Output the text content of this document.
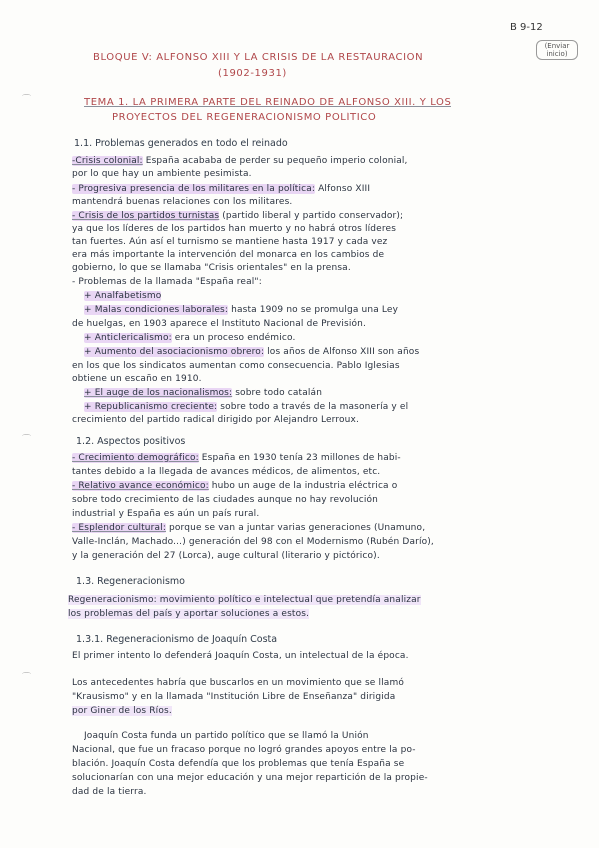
B 9-12
(Enviar inicio)
BLOQUE V: ALFONSO XIII Y LA CRISIS DE LA RESTAURACIÓN
(1902-1931)
⌒	TEMA 1. LA PRIMERA PARTE DEL REINADO DE ALFONSO XIII. Y LOS
PROYECTOS DEL REGENERACIONISMO POLÍTICO
1.1. Problemas generados en todo el reinado
-Crisis colonial: España acababa de perder su pequeño imperio colonial,
por lo que hay un ambiente pesimista.
- Progresiva presencia de los militares en la política: Alfonso XIII
mantendrá buenas relaciones con los militares.
- Crisis de los partidos turnistas (partido liberal y partido conservador);
ya que los líderes de los partidos han muerto y no habrá otros líderes
tan fuertes. Aún así el turnismo se mantiene hasta 1917 y cada vez
era más importante la intervención del monarca en los cambios de
gobierno, lo que se llamaba "Crisis orientales" en la prensa.
- Problemas de la llamada "España real":
+ Analfabetismo
+ Malas condiciones laborales: hasta 1909 no se promulga una Ley
de huelgas, en 1903 aparece el Instituto Nacional de Previsión.
+ Anticlericalismo: era un proceso endémico.
+ Aumento del asociacionismo obrero: los años de Alfonso XIII son años
en los que los sindicatos aumentan como consecuencia. Pablo Iglesias
obtiene un escaño en 1910.
+ El auge de los nacionalismos: sobre todo catalán
+ Republicanismo creciente: sobre todo a través de la masonería y el
crecimiento del partido radical dirigido por Alejandro Lerroux.
⌒	1.2. Aspectos positivos
- Crecimiento demográfico: España en 1930 tenía 23 millones de habi-
tantes debido a la llegada de avances médicos, de alimentos, etc.
- Relativo avance económico: hubo un auge de la industria eléctrica o
sobre todo crecimiento de las ciudades aunque no hay revolución
industrial y España es aún un país rural.
- Esplendor cultural: porque se van a juntar varias generaciones (Unamuno,
Valle-Inclán, Machado...) generación del 98 con el Modernismo (Rubén Darío),
y la generación del 27 (Lorca), auge cultural (literario y pictórico).
1.3. Regeneracionismo
Regeneracionismo: movimiento político e intelectual que pretendía analizar
los problemas del país y aportar soluciones a estos.
1.3.1. Regeneracionismo de Joaquín Costa
El primer intento lo defenderá Joaquín Costa, un intelectual de la época.
⌒	Los antecedentes habría que buscarlos en un movimiento que se llamó
"Krausismo" y en la llamada "Institución Libre de Enseñanza" dirigida
por Giner de los Ríos.
Joaquín Costa funda un partido político que se llamó la Unión
Nacional, que fue un fracaso porque no logró grandes apoyos entre la po-
blación. Joaquín Costa defendía que los problemas que tenía España se
solucionarían con una mejor educación y una mejor repartición de la propie-
dad de la tierra.
